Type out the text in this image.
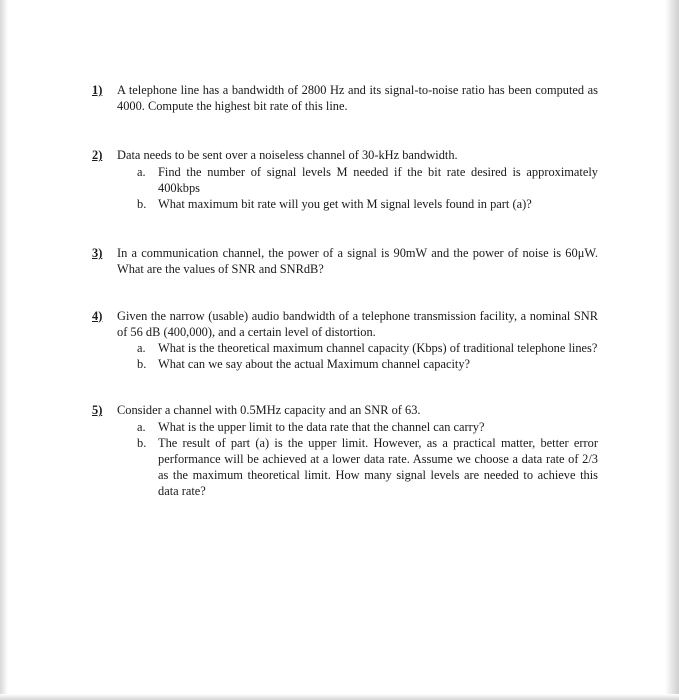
1) A telephone line has a bandwidth of 2800 Hz and its signal-to-noise ratio has been computed as 4000. Compute the highest bit rate of this line.
2) Data needs to be sent over a noiseless channel of 30-kHz bandwidth.
a. Find the number of signal levels M needed if the bit rate desired is approximately 400kbps
b. What maximum bit rate will you get with M signal levels found in part (a)?
3) In a communication channel, the power of a signal is 90mW and the power of noise is 60μW. What are the values of SNR and SNRdB?
4) Given the narrow (usable) audio bandwidth of a telephone transmission facility, a nominal SNR of 56 dB (400,000), and a certain level of distortion.
a. What is the theoretical maximum channel capacity (Kbps) of traditional telephone lines?
b. What can we say about the actual Maximum channel capacity?
5) Consider a channel with 0.5MHz capacity and an SNR of 63.
a. What is the upper limit to the data rate that the channel can carry?
b. The result of part (a) is the upper limit. However, as a practical matter, better error performance will be achieved at a lower data rate. Assume we choose a data rate of 2/3 as the maximum theoretical limit. How many signal levels are needed to achieve this data rate?
